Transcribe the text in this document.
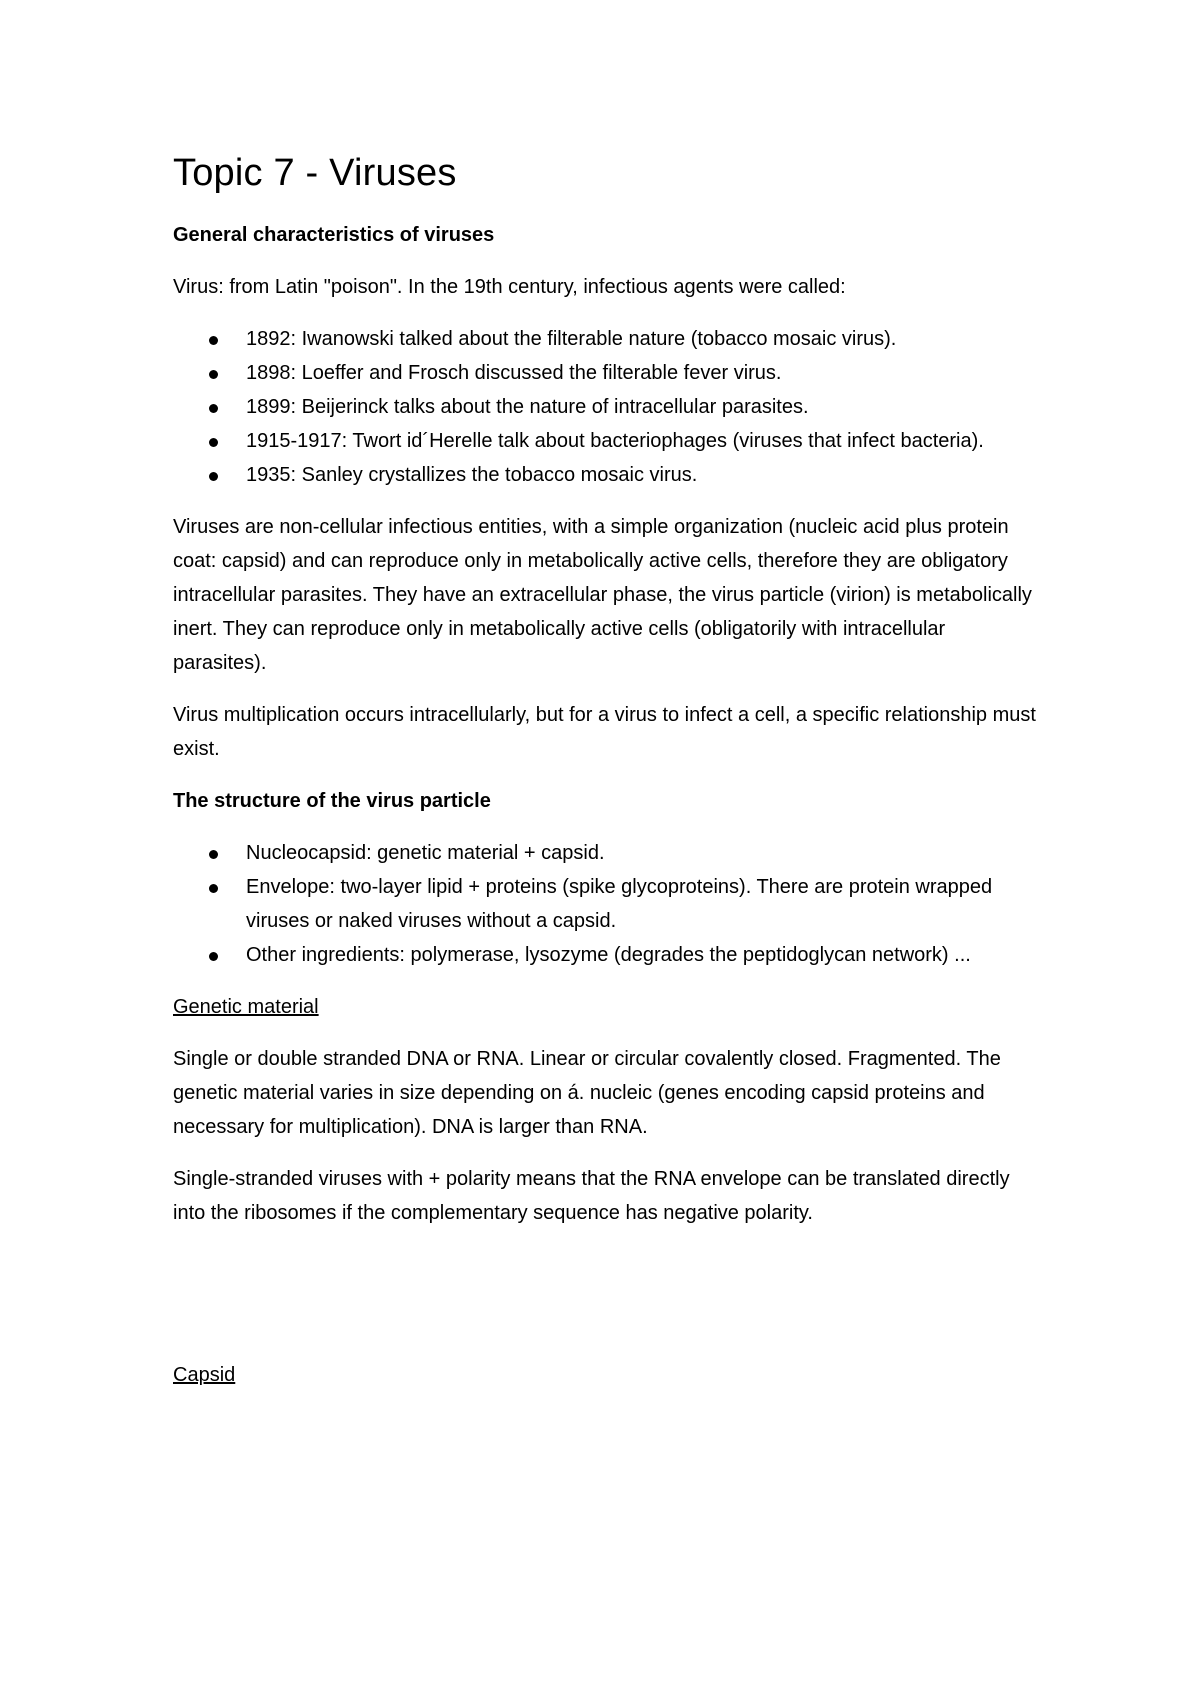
Topic 7 - Viruses
General characteristics of viruses

Virus: from Latin "poison". In the 19th century, infectious agents were called:

1892: Iwanowski talked about the filterable nature (tobacco mosaic virus).
1898: Loeffer and Frosch discussed the filterable fever virus.
1899: Beijerinck talks about the nature of intracellular parasites.
1915-1917: Twort id´Herelle talk about bacteriophages (viruses that infect bacteria).
1935: Sanley crystallizes the tobacco mosaic virus.

Viruses are non-cellular infectious entities, with a simple organization (nucleic acid plus protein coat: capsid) and can reproduce only in metabolically active cells, therefore they are obligatory intracellular parasites. They have an extracellular phase, the virus particle (virion) is metabolically inert. They can reproduce only in metabolically active cells (obligatorily with intracellular parasites).

Virus multiplication occurs intracellularly, but for a virus to infect a cell, a specific relationship must exist.

The structure of the virus particle
Nucleocapsid: genetic material + capsid.
Envelope: two-layer lipid + proteins (spike glycoproteins). There are protein wrapped viruses or naked viruses without a capsid.
Other ingredients: polymerase, lysozyme (degrades the peptidoglycan network) ...
Genetic material

Single or double stranded DNA or RNA. Linear or circular covalently closed. Fragmented. The genetic material varies in size depending on á. nucleic (genes encoding capsid proteins and necessary for multiplication). DNA is larger than RNA.

Single-stranded viruses with + polarity means that the RNA envelope can be translated directly into the ribosomes if the complementary sequence has negative polarity.

Capsid
